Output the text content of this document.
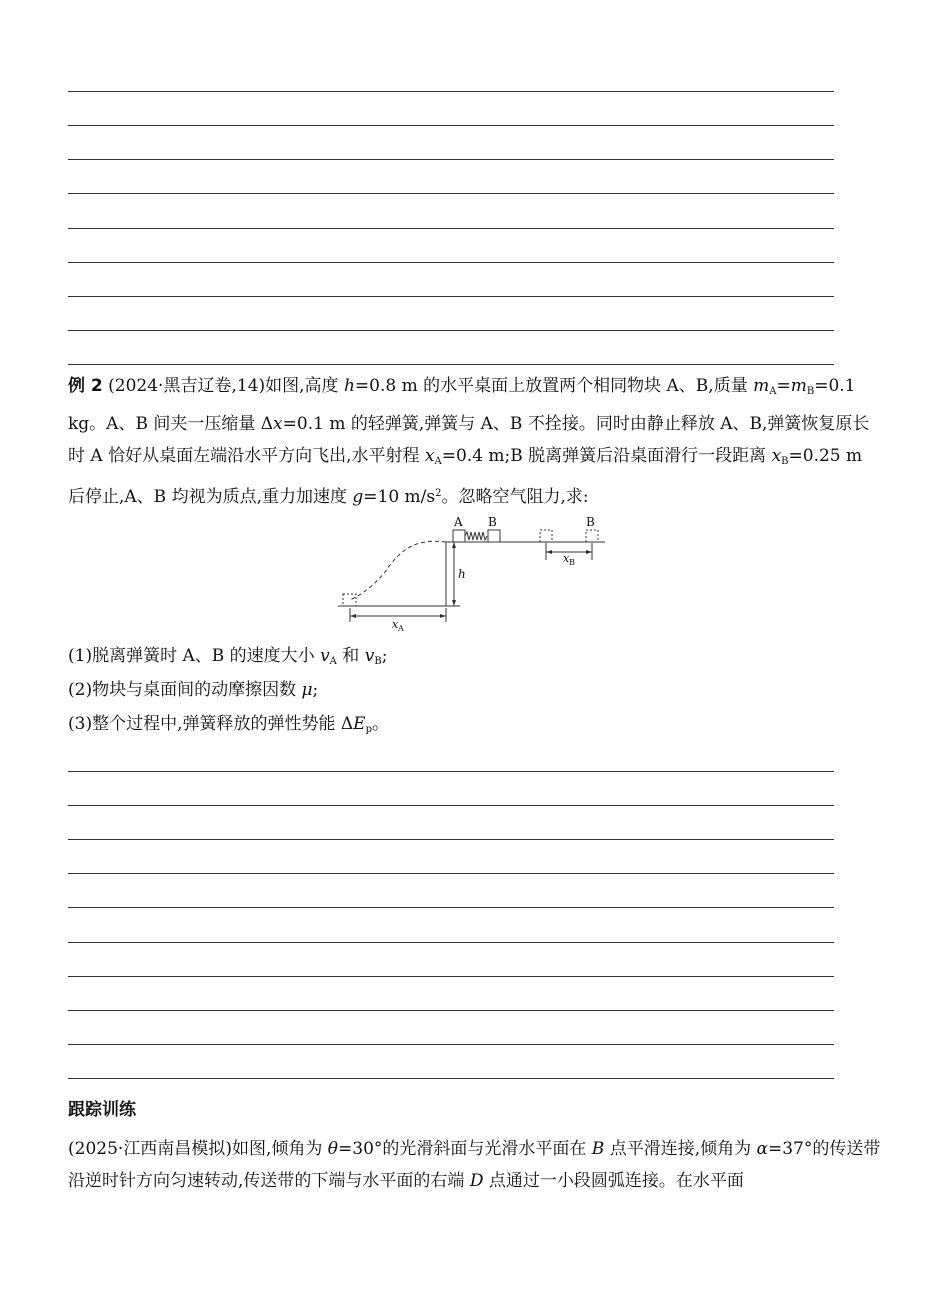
例 2 (2024·黑吉辽卷,14)如图,高度 h=0.8 m 的水平桌面上放置两个相同物块 A、B,质量 $m_A=m_B=0.1$ kg。A、B 间夹一压缩量 Δx=0.1 m 的轻弹簧,弹簧与 A、B 不拴接。同时由静止释放 A、B,弹簧恢复原长时 A 恰好从桌面左端沿水平方向飞出,水平射程 $x_A=0.4$ m;B 脱离弹簧后沿桌面滑行一段距离 $x_B=0.25$ m 后停止,A、B 均视为质点,重力加速度 g=10 $m/s^2$。忽略空气阻力,求:

A B	B
h
x A
x B

(1)脱离弹簧时 A、B 的速度大小 $v_A$ 和 $v_B$;

(2)物块与桌面间的动摩擦因数 μ;

(3)整个过程中,弹簧释放的弹性势能 $\Delta E_p$。

跟踪训练

(2025·江西南昌模拟)如图,倾角为 θ=30°的光滑斜面与光滑水平面在 B 点平滑连接,倾角为 α=37°的传送带沿逆时针方向匀速转动,传送带的下端与水平面的右端 D 点通过一小段圆弧连接。在水平面
